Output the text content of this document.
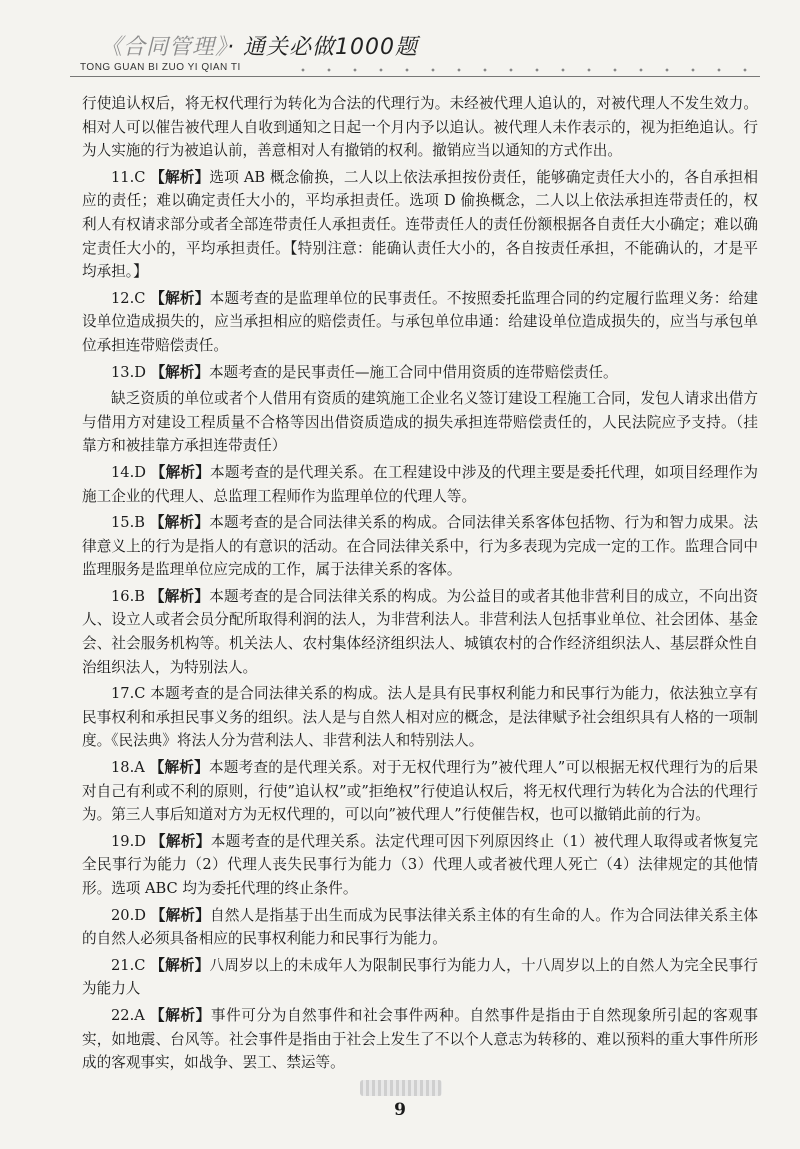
《合同管理》· 通关必做1000题
TONG GUAN BI ZUO YI QIAN TI

行使追认权后，将无权代理行为转化为合法的代理行为。未经被代理人追认的，对被代理人不发生效力。相对人可以催告被代理人自收到通知之日起一个月内予以追认。被代理人未作表示的，视为拒绝追认。行为人实施的行为被追认前，善意相对人有撤销的权利。撤销应当以通知的方式作出。

11.C 【解析】选项 AB 概念偷换，二人以上依法承担按份责任，能够确定责任大小的，各自承担相应的责任；难以确定责任大小的，平均承担责任。选项 D 偷换概念，二人以上依法承担连带责任的，权利人有权请求部分或者全部连带责任人承担责任。连带责任人的责任份额根据各自责任大小确定；难以确定责任大小的，平均承担责任。【特别注意：能确认责任大小的，各自按责任承担，不能确认的，才是平均承担。】

12.C 【解析】本题考查的是监理单位的民事责任。不按照委托监理合同的约定履行监理义务：给建设单位造成损失的，应当承担相应的赔偿责任。与承包单位串通：给建设单位造成损失的，应当与承包单位承担连带赔偿责任。

13.D 【解析】本题考查的是民事责任—施工合同中借用资质的连带赔偿责任。

缺乏资质的单位或者个人借用有资质的建筑施工企业名义签订建设工程施工合同，发包人请求出借方与借用方对建设工程质量不合格等因出借资质造成的损失承担连带赔偿责任的，人民法院应予支持。（挂靠方和被挂靠方承担连带责任）

14.D 【解析】本题考查的是代理关系。在工程建设中涉及的代理主要是委托代理，如项目经理作为施工企业的代理人、总监理工程师作为监理单位的代理人等。

15.B 【解析】本题考查的是合同法律关系的构成。合同法律关系客体包括物、行为和智力成果。法律意义上的行为是指人的有意识的活动。在合同法律关系中，行为多表现为完成一定的工作。监理合同中监理服务是监理单位应完成的工作，属于法律关系的客体。

16.B 【解析】本题考查的是合同法律关系的构成。为公益目的或者其他非营利目的成立，不向出资人、设立人或者会员分配所取得利润的法人，为非营利法人。非营利法人包括事业单位、社会团体、基金会、社会服务机构等。机关法人、农村集体经济组织法人、城镇农村的合作经济组织法人、基层群众性自治组织法人，为特别法人。

17.C 本题考查的是合同法律关系的构成。法人是具有民事权利能力和民事行为能力，依法独立享有民事权利和承担民事义务的组织。法人是与自然人相对应的概念，是法律赋予社会组织具有人格的一项制度。《民法典》将法人分为营利法人、非营利法人和特别法人。

18.A 【解析】本题考查的是代理关系。对于无权代理行为”被代理人”可以根据无权代理行为的后果对自己有利或不利的原则，行使”追认权”或”拒绝权”行使追认权后，将无权代理行为转化为合法的代理行为。第三人事后知道对方为无权代理的，可以向”被代理人”行使催告权，也可以撤销此前的行为。

19.D 【解析】本题考查的是代理关系。法定代理可因下列原因终止（1）被代理人取得或者恢复完全民事行为能力（2）代理人丧失民事行为能力（3）代理人或者被代理人死亡（4）法律规定的其他情形。选项 ABC 均为委托代理的终止条件。

20.D 【解析】自然人是指基于出生而成为民事法律关系主体的有生命的人。作为合同法律关系主体的自然人必须具备相应的民事权利能力和民事行为能力。

21.C 【解析】八周岁以上的未成年人为限制民事行为能力人，十八周岁以上的自然人为完全民事行为能力人

22.A 【解析】事件可分为自然事件和社会事件两种。自然事件是指由于自然现象所引起的客观事实，如地震、台风等。社会事件是指由于社会上发生了不以个人意志为转移的、难以预料的重大事件所形成的客观事实，如战争、罢工、禁运等。

9
